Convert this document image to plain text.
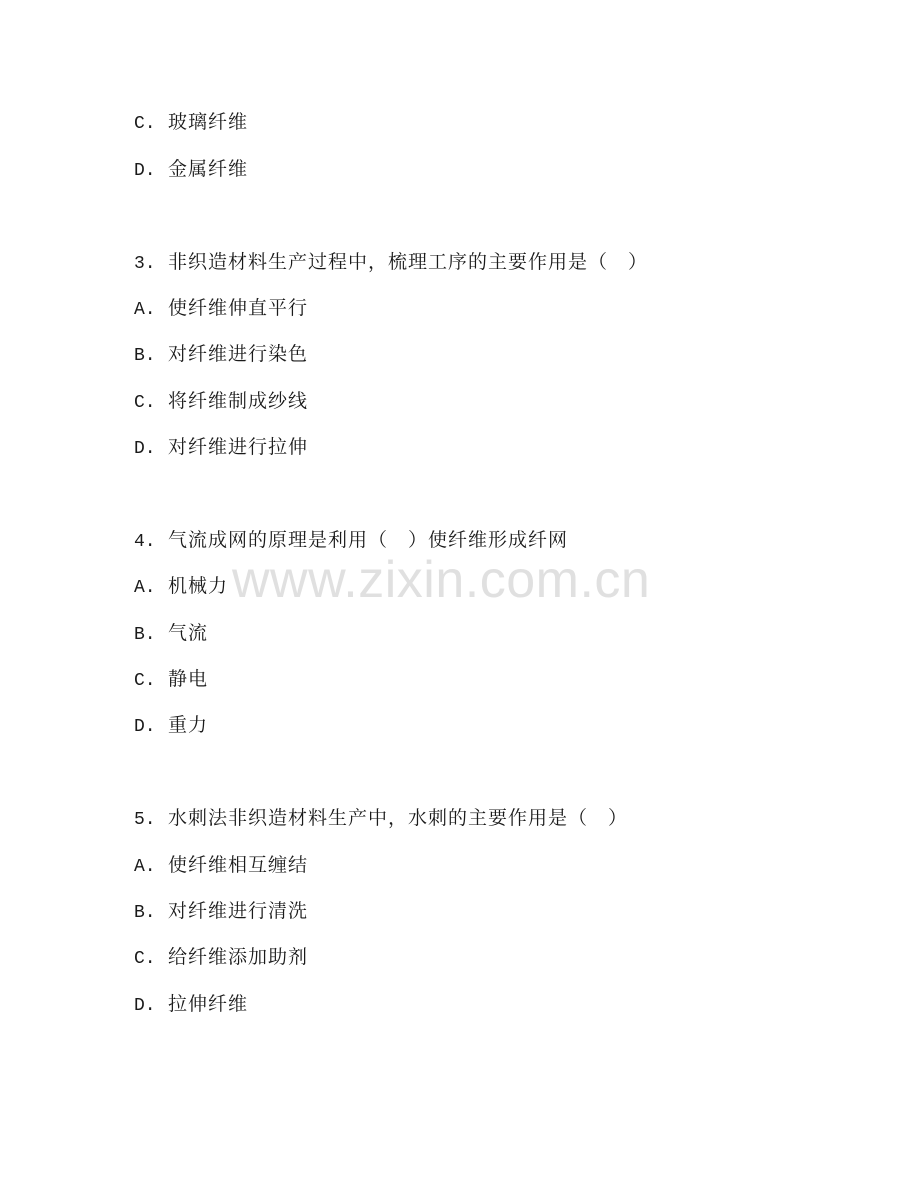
www.zixin.com.cn
C. 玻璃纤维
D. 金属纤维
3. 非织造材料生产过程中，梳理工序的主要作用是（　）
A. 使纤维伸直平行
B. 对纤维进行染色
C. 将纤维制成纱线
D. 对纤维进行拉伸
4. 气流成网的原理是利用（　）使纤维形成纤网
A. 机械力
B. 气流
C. 静电
D. 重力
5. 水刺法非织造材料生产中，水刺的主要作用是（　）
A. 使纤维相互缠结
B. 对纤维进行清洗
C. 给纤维添加助剂
D. 拉伸纤维
